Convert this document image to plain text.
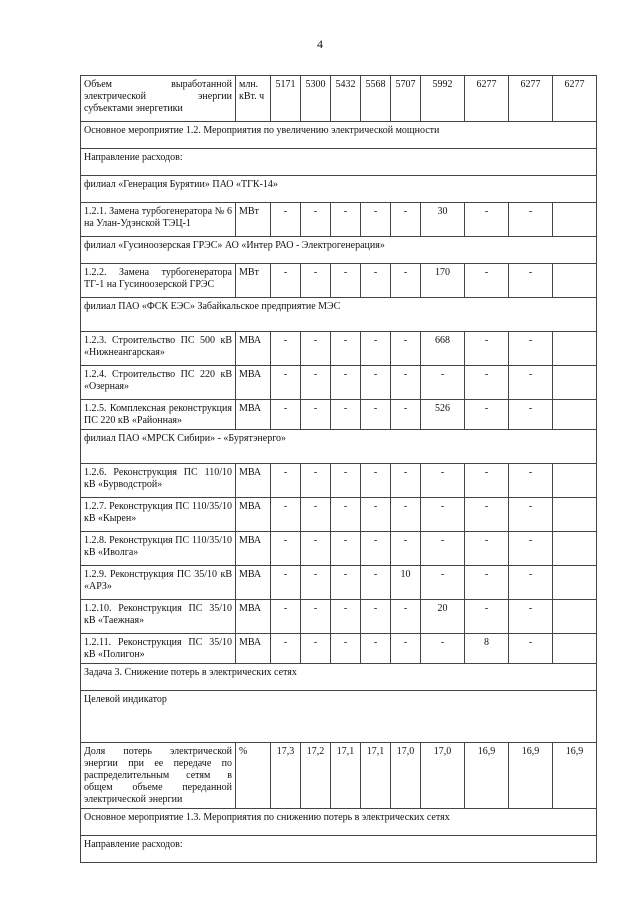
4
Объем выработанной электрической энергии субъектами энергетики	млн. кВт. ч	5171	5300	5432	5568	5707	5992	6277	6277	6277
Основное мероприятие 1.2. Мероприятия по увеличению электрической мощности										
Направление расходов:										
филиал «Генерация Бурятии» ПАО «ТГК-14»										
1.2.1. Замена турбогенератора № 6 на Улан-Удэнской ТЭЦ-1	МВт	-	-	-	-	-	30	-	-	
филиал «Гусиноозерская ГРЭС» АО «Интер РАО - Электрогенерация»										
1.2.2. Замена турбогенератора ТГ-1 на Гусиноозерской ГРЭС	МВт	-	-	-	-	-	170	-	-	
филиал ПАО «ФСК ЕЭС» Забайкальское предприятие МЭС										
1.2.3. Строительство ПС 500 кВ «Нижнеангарская»	МВА	-	-	-	-	-	668	-	-	
1.2.4. Строительство ПС 220 кВ «Озерная»	МВА	-	-	-	-	-	-	-	-	
1.2.5. Комплексная реконструкция ПС 220 кВ «Районная»	МВА	-	-	-	-	-	526	-	-	
филиал ПАО «МРСК Сибири» - «Бурятэнерго»										
1.2.6. Реконструкция ПС 110/10 кВ «Бурводстрой»	МВА	-	-	-	-	-	-	-	-	
1.2.7. Реконструкция ПС 110/35/10 кВ «Кырен»	МВА	-	-	-	-	-	-	-	-	
1.2.8. Реконструкция ПС 110/35/10 кВ «Иволга»	МВА	-	-	-	-	-	-	-	-	
1.2.9. Реконструкция ПС 35/10 кВ «АРЗ»	МВА	-	-	-	-	10	-	-	-	
1.2.10. Реконструкция ПС 35/10 кВ «Таежная»	МВА	-	-	-	-	-	20	-	-	
1.2.11. Реконструкция ПС 35/10 кВ «Полигон»	МВА	-	-	-	-	-	-	8	-	
Задача 3. Снижение потерь в электрических сетях										
Целевой индикатор										
Доля потерь электрической энергии при ее передаче по распределительным сетям в общем объеме переданной электрической энергии	%	17,3	17,2	17,1	17,1	17,0	17,0	16,9	16,9	16,9
Основное мероприятие 1.3. Мероприятия по снижению потерь в электрических сетях										
Направление расходов:										
